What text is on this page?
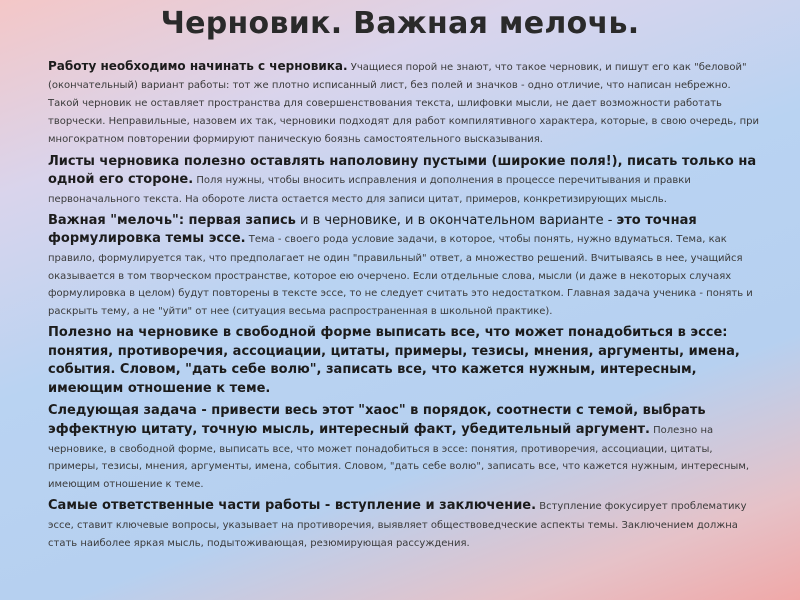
Черновик. Важная мелочь.

Работу необходимо начинать с черновика. Учащиеся порой не знают, что такое черновик, и пишут его как "беловой" (окончательный) вариант работы: тот же плотно исписанный лист, без полей и значков - одно отличие, что написан небрежно. Такой черновик не оставляет пространства для совершенствования текста, шлифовки мысли, не дает возможности работать творчески. Неправильные, назовем их так, черновики подходят для работ компилятивного характера, которые, в свою очередь, при многократном повторении формируют паническую боязнь самостоятельного высказывания.

Листы черновика полезно оставлять наполовину пустыми (широкие поля!), писать только на одной его стороне. Поля нужны, чтобы вносить исправления и дополнения в процессе перечитывания и правки первоначального текста. На обороте листа остается место для записи цитат, примеров, конкретизирующих мысль.

Важная "мелочь": первая запись и в черновике, и в окончательном варианте - это точная формулировка темы эссе. Тема - своего рода условие задачи, в которое, чтобы понять, нужно вдуматься. Тема, как правило, формулируется так, что предполагает не один "правильный" ответ, а множество решений. Вчитываясь в нее, учащийся оказывается в том творческом пространстве, которое ею очерчено. Если отдельные слова, мысли (и даже в некоторых случаях формулировка в целом) будут повторены в тексте эссе, то не следует считать это недостатком. Главная задача ученика - понять и раскрыть тему, а не "уйти" от нее (ситуация весьма распространенная в школьной практике).

Полезно на черновике в свободной форме выписать все, что может понадобиться в эссе: понятия, противоречия, ассоциации, цитаты, примеры, тезисы, мнения, аргументы, имена, события. Словом, "дать себе волю", записать все, что кажется нужным, интересным, имеющим отношение к теме.

Следующая задача - привести весь этот "хаос" в порядок, соотнести с темой, выбрать эффектную цитату, точную мысль, интересный факт, убедительный аргумент. Полезно на черновике, в свободной форме, выписать все, что может понадобиться в эссе: понятия, противоречия, ассоциации, цитаты, примеры, тезисы, мнения, аргументы, имена, события. Словом, "дать себе волю", записать все, что кажется нужным, интересным, имеющим отношение к теме.

Самые ответственные части работы - вступление и заключение. Вступление фокусирует проблематику эссе, ставит ключевые вопросы, указывает на противоречия, выявляет обществоведческие аспекты темы. Заключением должна стать наиболее яркая мысль, подытоживающая, резюмирующая рассуждения.
